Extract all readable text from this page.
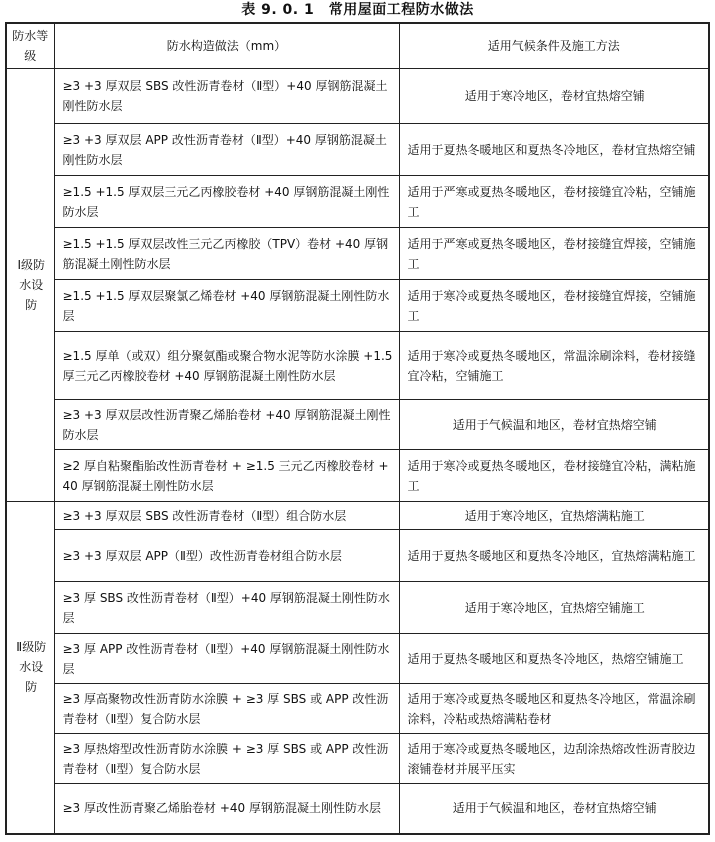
表 9. 0. 1　常用屋面工程防水做法
防水等级	防水构造做法（mm）	适用气候条件及施工方法
Ⅰ级防水设防	≥3 +3 厚双层 SBS 改性沥青卷材（Ⅱ型）+40 厚钢筋混凝土刚性防水层	适用于寒冷地区，卷材宜热熔空铺
	≥3 +3 厚双层 APP 改性沥青卷材（Ⅱ型）+40 厚钢筋混凝土刚性防水层	适用于夏热冬暖地区和夏热冬冷地区，卷材宜热熔空铺
	≥1.5 +1.5 厚双层三元乙丙橡胶卷材 +40 厚钢筋混凝土刚性防水层	适用于严寒或夏热冬暖地区，卷材接缝宜冷粘，空铺施工
	≥1.5 +1.5 厚双层改性三元乙丙橡胶（TPV）卷材 +40 厚钢筋混凝土刚性防水层	适用于严寒或夏热冬暖地区，卷材接缝宜焊接，空铺施工
	≥1.5 +1.5 厚双层聚氯乙烯卷材 +40 厚钢筋混凝土刚性防水层	适用于寒冷或夏热冬暖地区，卷材接缝宜焊接，空铺施工
	≥1.5 厚单（或双）组分聚氨酯或聚合物水泥等防水涂膜 +1.5 厚三元乙丙橡胶卷材 +40 厚钢筋混凝土刚性防水层	适用于寒冷或夏热冬暖地区，常温涂刷涂料，卷材接缝宜冷粘，空铺施工
	≥3 +3 厚双层改性沥青聚乙烯胎卷材 +40 厚钢筋混凝土刚性防水层	适用于气候温和地区，卷材宜热熔空铺
	≥2 厚自粘聚酯胎改性沥青卷材 + ≥1.5 三元乙丙橡胶卷材 +40 厚钢筋混凝土刚性防水层	适用于寒冷或夏热冬暖地区，卷材接缝宜冷粘，满粘施工
Ⅱ级防水设防	≥3 +3 厚双层 SBS 改性沥青卷材（Ⅱ型）组合防水层	适用于寒冷地区，宜热熔满粘施工
	≥3 +3 厚双层 APP（Ⅱ型）改性沥青卷材组合防水层	适用于夏热冬暖地区和夏热冬冷地区，宜热熔满粘施工
	≥3 厚 SBS 改性沥青卷材（Ⅱ型）+40 厚钢筋混凝土刚性防水层	适用于寒冷地区，宜热熔空铺施工
	≥3 厚 APP 改性沥青卷材（Ⅱ型）+40 厚钢筋混凝土刚性防水层	适用于夏热冬暖地区和夏热冬冷地区，热熔空铺施工
	≥3 厚高聚物改性沥青防水涂膜 + ≥3 厚 SBS 或 APP 改性沥青卷材（Ⅱ型）复合防水层	适用于寒冷或夏热冬暖地区和夏热冬冷地区，常温涂刷涂料，冷粘或热熔满粘卷材
	≥3 厚热熔型改性沥青防水涂膜 + ≥3 厚 SBS 或 APP 改性沥青卷材（Ⅱ型）复合防水层	适用于寒冷或夏热冬暖地区，边刮涂热熔改性沥青胶边滚铺卷材并展平压实
	≥3 厚改性沥青聚乙烯胎卷材 +40 厚钢筋混凝土刚性防水层	适用于气候温和地区，卷材宜热熔空铺
